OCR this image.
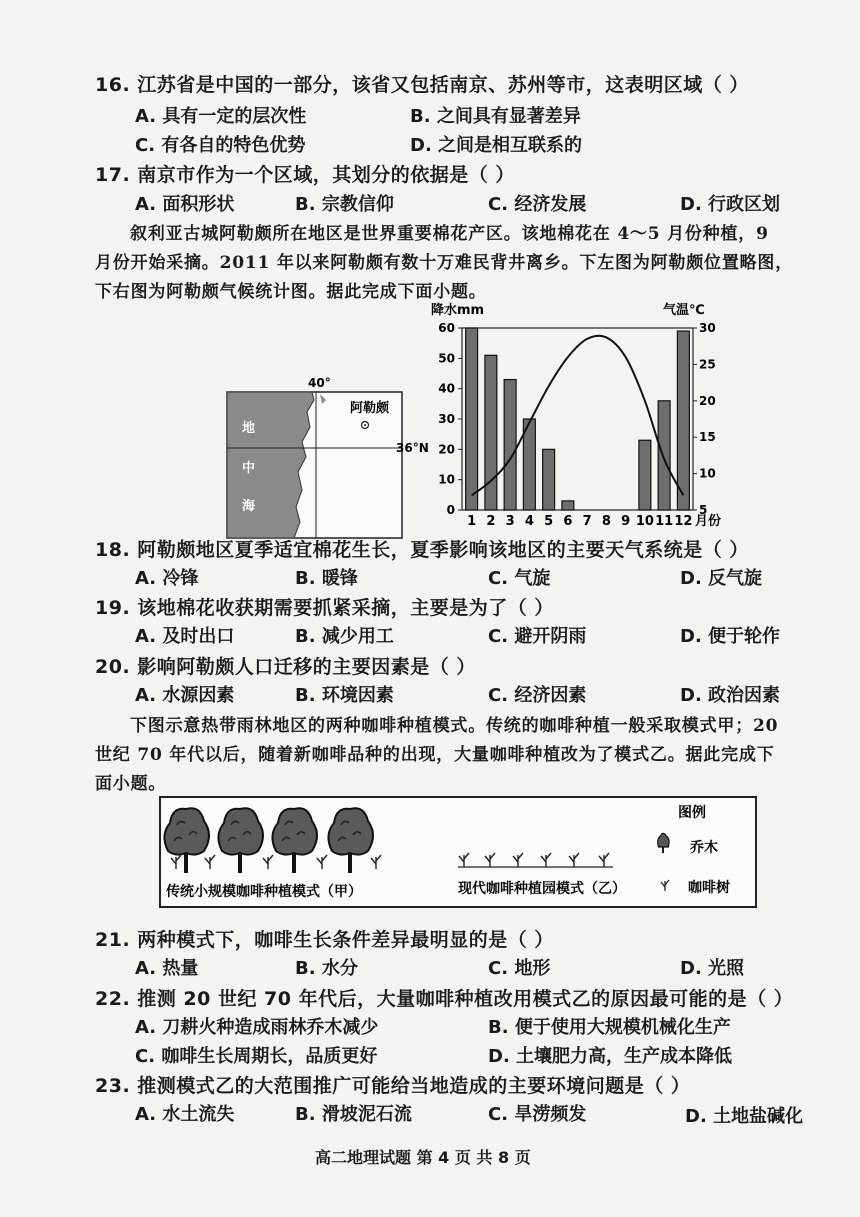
16. 江苏省是中国的一部分，该省又包括南京、苏州等市，这表明区域（ ）
A. 具有一定的层次性	B. 之间具有显著差异
C. 有各自的特色优势	D. 之间是相互联系的
17. 南京市作为一个区域，其划分的依据是（ ）
A. 面积形状	B. 宗教信仰	C. 经济发展	D. 行政区划
叙利亚古城阿勒颇所在地区是世界重要棉花产区。该地棉花在 4～5 月份种植，9
月份开始采摘。2011 年以来阿勒颇有数十万难民背井离乡。下左图为阿勒颇位置略图，
下右图为阿勒颇气候统计图。据此完成下面小题。
40°
36°N
阿勒颇
地
中
海
降水mm	气温℃
0
10
20
30
40
50
60
5
10
15
20
25
30
1 2 3 4 5 6 7 8 9 10 11 12 月份
18. 阿勒颇地区夏季适宜棉花生长，夏季影响该地区的主要天气系统是（ ）
A. 冷锋	B. 暖锋	C. 气旋	D. 反气旋
19. 该地棉花收获期需要抓紧采摘，主要是为了（ ）
A. 及时出口	B. 减少用工	C. 避开阴雨	D. 便于轮作
20. 影响阿勒颇人口迁移的主要因素是（ ）
A. 水源因素	B. 环境因素	C. 经济因素	D. 政治因素
下图示意热带雨林地区的两种咖啡种植模式。传统的咖啡种植一般采取模式甲；20
世纪 70 年代以后，随着新咖啡品种的出现，大量咖啡种植改为了模式乙。据此完成下
面小题。
传统小规模咖啡种植模式（甲）	现代咖啡种植园模式（乙）
图例
乔木
咖啡树
21. 两种模式下，咖啡生长条件差异最明显的是（ ）
A. 热量	B. 水分	C. 地形	D. 光照
22. 推测 20 世纪 70 年代后，大量咖啡种植改用模式乙的原因最可能的是（ ）
A. 刀耕火种造成雨林乔木减少	B. 便于使用大规模机械化生产
C. 咖啡生长周期长，品质更好	D. 土壤肥力高，生产成本降低
23. 推测模式乙的大范围推广可能给当地造成的主要环境问题是（ ）
A. 水土流失	B. 滑坡泥石流	C. 旱涝频发	D. 土地盐碱化
高二地理试题 第 4 页 共 8 页
